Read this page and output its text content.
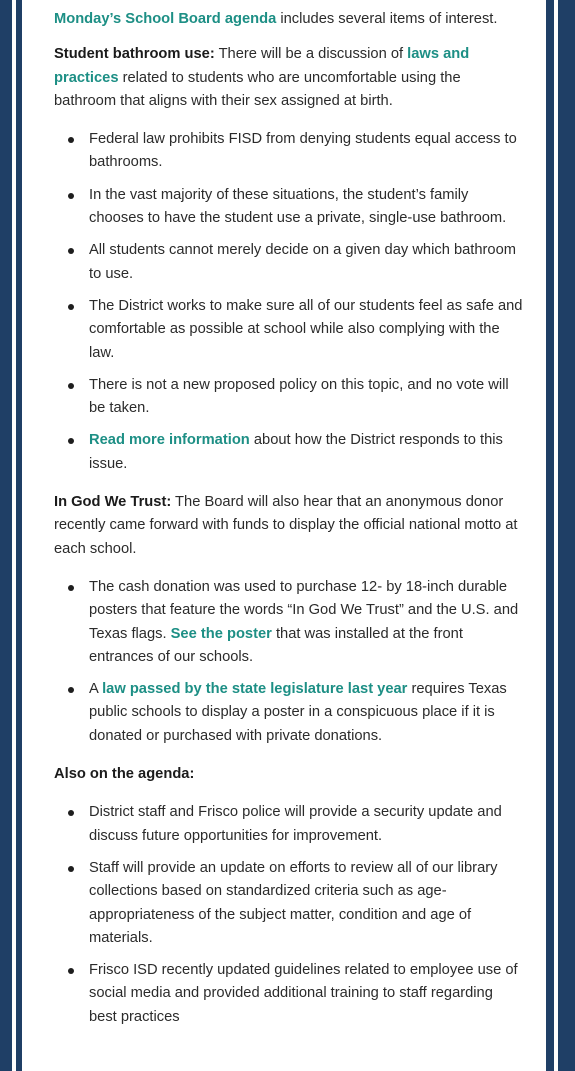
Monday’s School Board agenda includes several items of interest.

Student bathroom use: There will be a discussion of laws and practices related to students who are uncomfortable using the bathroom that aligns with their sex assigned at birth.

Federal law prohibits FISD from denying students equal access to bathrooms.
In the vast majority of these situations, the student’s family chooses to have the student use a private, single-use bathroom.
All students cannot merely decide on a given day which bathroom to use.
The District works to make sure all of our students feel as safe and comfortable as possible at school while also complying with the law.
There is not a new proposed policy on this topic, and no vote will be taken.
Read more information about how the District responds to this issue.

In God We Trust: The Board will also hear that an anonymous donor recently came forward with funds to display the official national motto at each school.

The cash donation was used to purchase 12- by 18-inch durable posters that feature the words “In God We Trust” and the U.S. and Texas flags. See the poster that was installed at the front entrances of our schools.
A law passed by the state legislature last year requires Texas public schools to display a poster in a conspicuous place if it is donated or purchased with private donations.

Also on the agenda:

District staff and Frisco police will provide a security update and discuss future opportunities for improvement.
Staff will provide an update on efforts to review all of our library collections based on standardized criteria such as age-appropriateness of the subject matter, condition and age of materials.
Frisco ISD recently updated guidelines related to employee use of social media and provided additional training to staff regarding best practices
